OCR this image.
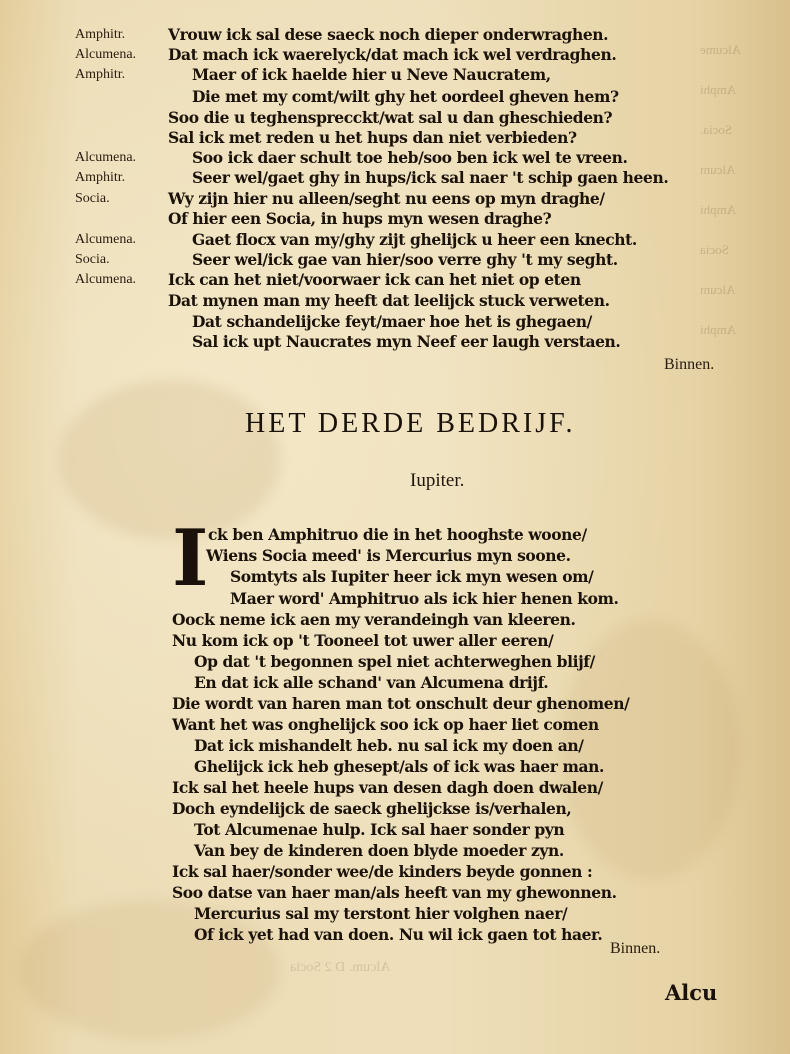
Alcume
Amphi
Socia.
Alcum
Amphi
Socia
Alcum
Amphi
Alcum. D 2 Socia
Amphitr.	Vrouw ick sal dese saeck noch dieper onderwraghen.
Alcumena. Dat mach ick waerelyck/dat mach ick wel verdraghen.
Amphitr.	Maer of ick haelde hier u Neve Naucratem,
Die met my comt/wilt ghy het oordeel gheven hem?
Soo die u teghensprecckt/wat sal u dan gheschieden?
Sal ick met reden u het hups dan niet verbieden?
Alcumena.	Soo ick daer schult toe heb/soo ben ick wel te vreen.
Amphitr.	Seer wel/gaet ghy in hups/ick sal naer 't schip gaen heen.
Socia.	Wy zijn hier nu alleen/seght nu eens op myn draghe/
Of hier een Socia, in hups myn wesen draghe?
Alcumena.	Gaet flocx van my/ghy zijt ghelijck u heer een knecht.
Socia.	Seer wel/ick gae van hier/soo verre ghy 't my seght.
Alcumena. Ick can het niet/voorwaer ick can het niet op eten
Dat mynen man my heeft dat leelijck stuck verweten.
Dat schandelijcke feyt/maer hoe het is ghegaen/
Sal ick upt Naucrates myn Neef eer laugh verstaen.
Binnen.
HET DERDE BEDRIJF.
Iupiter.
I ck ben Amphitruo die in het hooghste woone/
Wiens Socia meed' is Mercurius myn soone.
Somtyts als Iupiter heer ick myn wesen om/
Maer word' Amphitruo als ick hier henen kom.
Oock neme ick aen my verandeingh van kleeren.
Nu kom ick op 't Tooneel tot uwer aller eeren/
Op dat 't begonnen spel niet achterweghen blijf/
En dat ick alle schand' van Alcumena drijf.
Die wordt van haren man tot onschult deur ghenomen/
Want het was onghelijck soo ick op haer liet comen
Dat ick mishandelt heb. nu sal ick my doen an/
Ghelijck ick heb ghesept/als of ick was haer man.
Ick sal het heele hups van desen dagh doen dwalen/
Doch eyndelijck de saeck ghelijckse is/verhalen,
Tot Alcumenae hulp. Ick sal haer sonder pyn
Van bey de kinderen doen blyde moeder zyn.
Ick sal haer/sonder wee/de kinders beyde gonnen :
Soo datse van haer man/als heeft van my ghewonnen.
Mercurius sal my terstont hier volghen naer/
Of ick yet had van doen. Nu wil ick gaen tot haer.
Binnen.
Alcu
